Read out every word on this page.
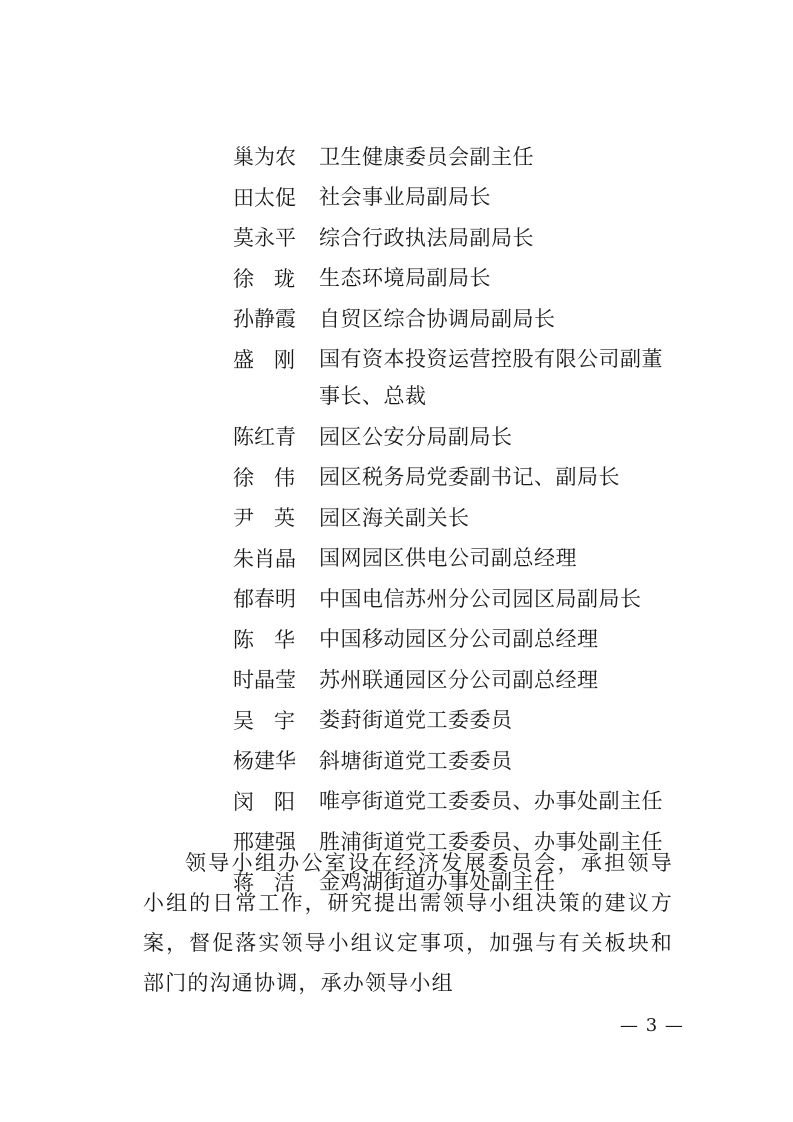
巢 为 农 卫生健康委员会副主任
田 太 促 社会事业局副局长
莫 永 平 综合行政执法局副局长
徐 珑 生态环境局副局长
孙 静 霞 自贸区综合协调局副局长
盛 刚 国有资本投资运营控股有限公司副董事长、总裁
陈 红 青 园区公安分局副局长
徐 伟 园区税务局党委副书记、副局长
尹 英 园区海关副关长
朱 肖 晶 国网园区供电公司副总经理
郁 春 明 中国电信苏州分公司园区局副局长
陈 华 中国移动园区分公司副总经理
时 晶 莹 苏州联通园区分公司副总经理
吴 宇 娄葑街道党工委委员
杨 建 华 斜塘街道党工委委员
闵 阳 唯亭街道党工委委员、办事处副主任
邢 建 强 胜浦街道党工委委员、办事处副主任
蒋 洁 金鸡湖街道办事处副主任

领导小组办公室设在经济发展委员会，承担领导小组的日常工作，研究提出需领导小组决策的建议方案，督促落实领导小组议定事项，加强与有关板块和部门的沟通协调，承办领导小组

— 3 —
